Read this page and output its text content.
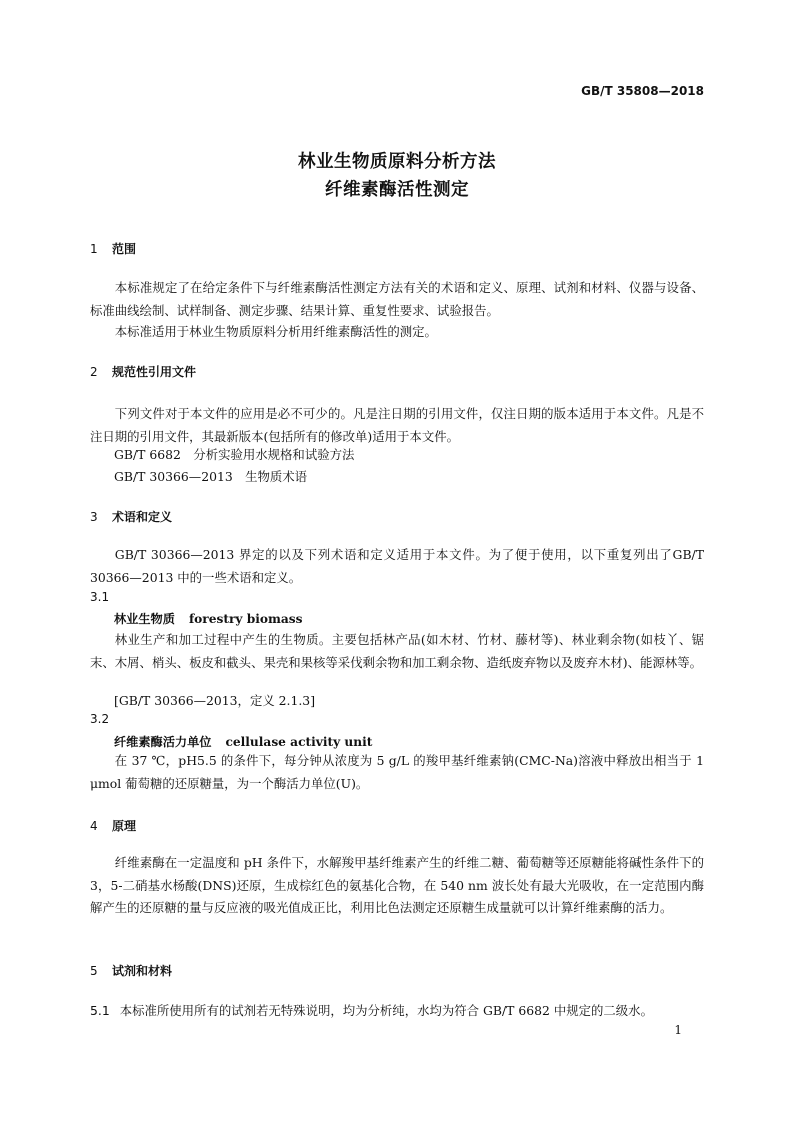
GB/T 35808—2018
林业生物质原料分析方法
纤维素酶活性测定
1 范围

本标准规定了在给定条件下与纤维素酶活性测定方法有关的术语和定义、原理、试剂和材料、仪器与设备、标准曲线绘制、试样制备、测定步骤、结果计算、重复性要求、试验报告。

本标准适用于林业生物质原料分析用纤维素酶活性的测定。

2 规范性引用文件

下列文件对于本文件的应用是必不可少的。凡是注日期的引用文件，仅注日期的版本适用于本文件。凡是不注日期的引用文件，其最新版本(包括所有的修改单)适用于本文件。

GB/T 6682　分析实验用水规格和试验方法
GB/T 30366—2013　生物质术语
3 术语和定义

GB/T 30366—2013 界定的以及下列术语和定义适用于本文件。为了便于使用，以下重复列出了GB/T 30366—2013 中的一些术语和定义。

3.1
林业生物质 forestry biomass

林业生产和加工过程中产生的生物质。主要包括林产品(如木材、竹材、藤材等)、林业剩余物(如枝丫、锯末、木屑、梢头、板皮和截头、果壳和果核等采伐剩余物和加工剩余物、造纸废弃物以及废弃木材)、能源林等。

[GB/T 30366—2013，定义 2.1.3]
3.2
纤维素酶活力单位 cellulase activity unit

在 37 ℃，pH5.5 的条件下，每分钟从浓度为 5 g/L 的羧甲基纤维素钠(CMC-Na)溶液中释放出相当于 1 μmol 葡萄糖的还原糖量，为一个酶活力单位(U)。

4 原理

纤维素酶在一定温度和 pH 条件下，水解羧甲基纤维素产生的纤维二糖、葡萄糖等还原糖能将碱性条件下的 3，5-二硝基水杨酸(DNS)还原，生成棕红色的氨基化合物，在 540 nm 波长处有最大光吸收，在一定范围内酶解产生的还原糖的量与反应液的吸光值成正比，利用比色法测定还原糖生成量就可以计算纤维素酶的活力。

5 试剂和材料
5.1 本标准所使用所有的试剂若无特殊说明，均为分析纯，水均为符合 GB/T 6682 中规定的二级水。
1
